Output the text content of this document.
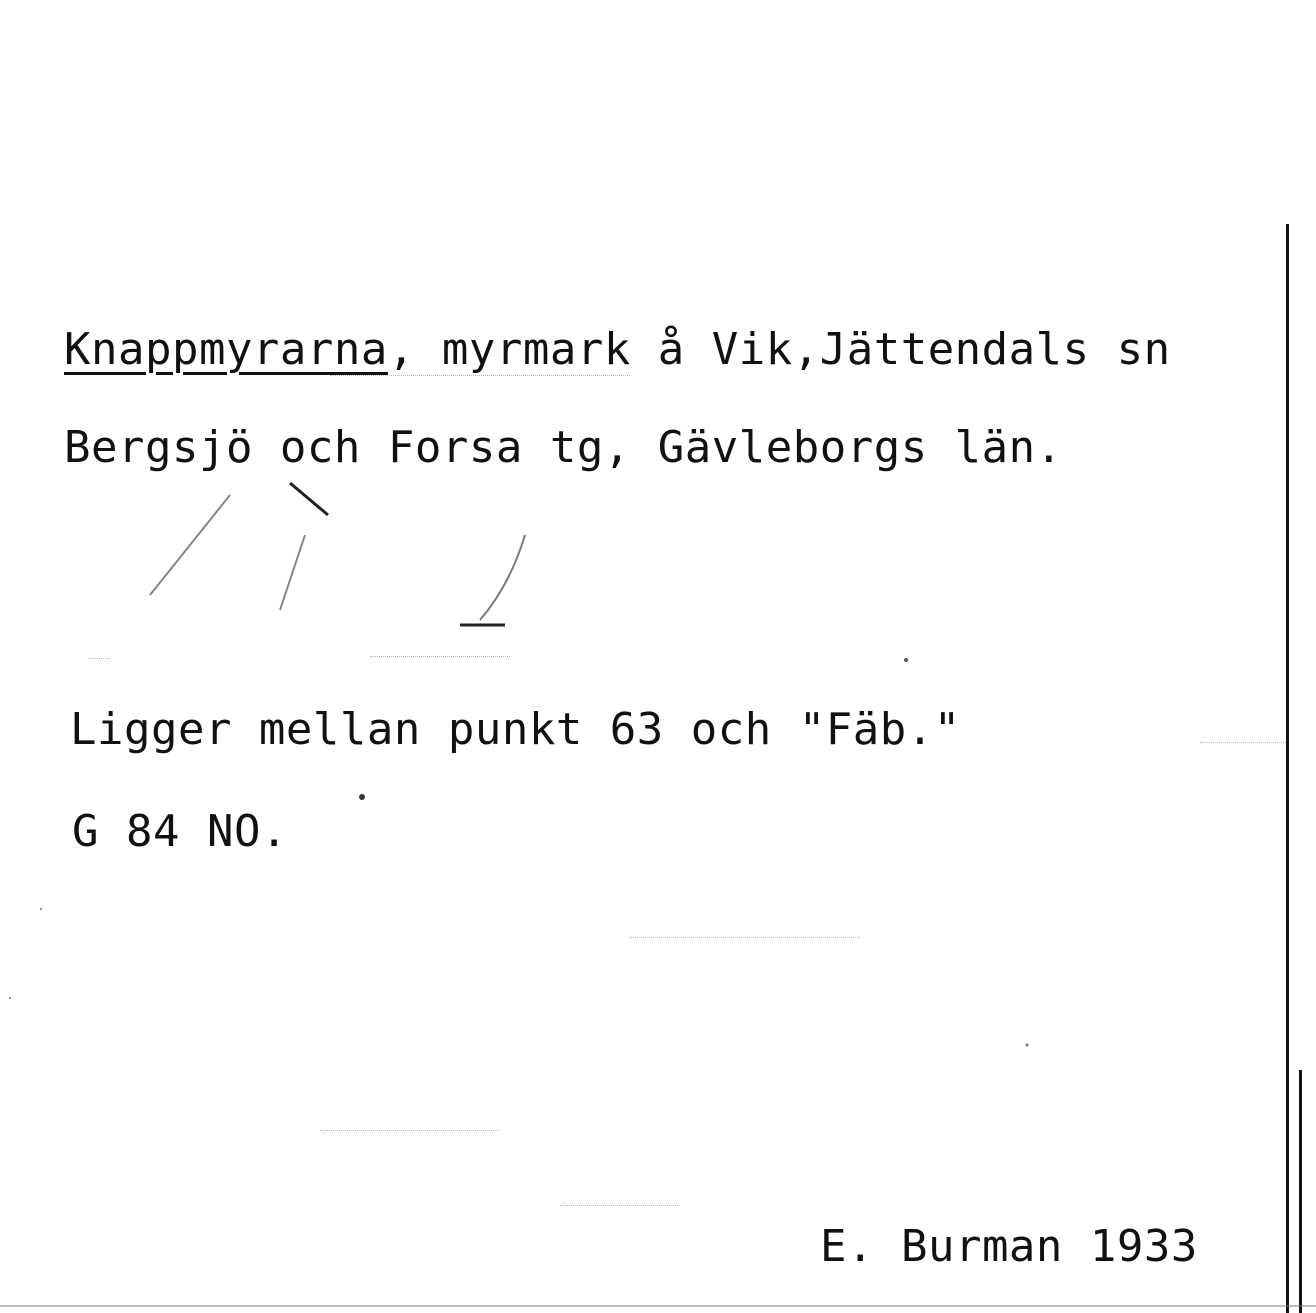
Knappmyrarna, myrmark å Vik,Jättendals sn
Bergsjö och Forsa tg, Gävleborgs län.
knåpmyren
Ligger mellan punkt 63 och "Fäb."
G 84 NO.
E. Burman 1933
